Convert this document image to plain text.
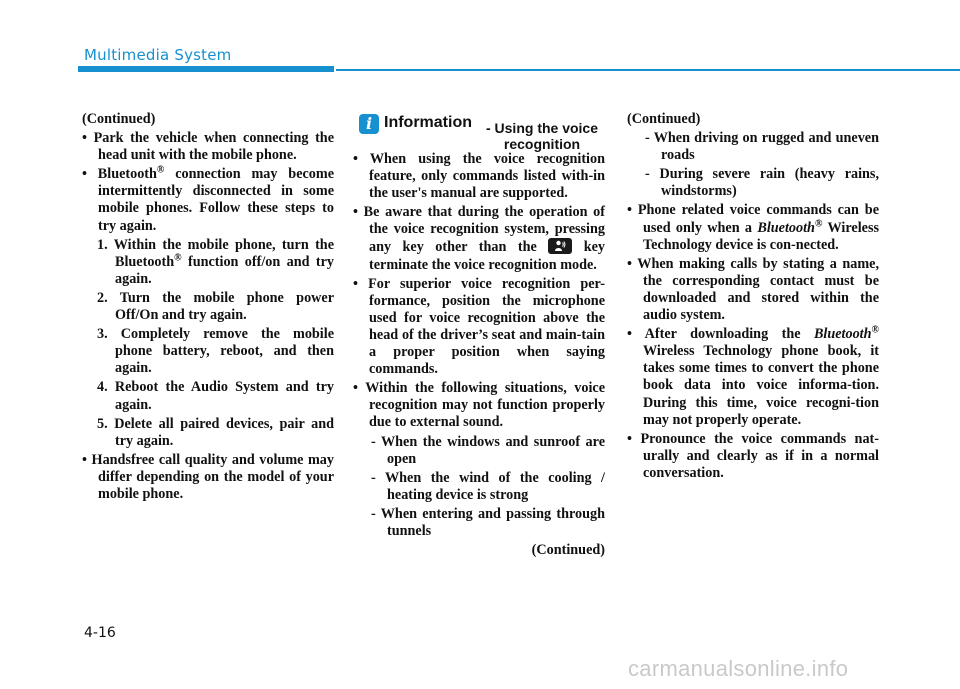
Multimedia System

(Continued)

• Park the vehicle when connecting the head unit with the mobile phone.

• Bluetooth® connection may become intermittently disconnected in some mobile phones. Follow these steps to try again.

1. Within the mobile phone, turn the Bluetooth® function off/on and try again.

2. Turn the mobile phone power Off/On and try again.

3. Completely remove the mobile phone battery, reboot, and then again.

4. Reboot the Audio System and try again.

5. Delete all paired devices, pair and try again.

• Handsfree call quality and volume may differ depending on the model of your mobile phone.

i Information - Using the voice recognition

• When using the voice recognition feature, only commands listed with-in the user's manual are supported.

• Be aware that during the operation of the voice recognition system, pressing any key other than the
key terminate the voice recognition mode.

• For superior voice recognition per-formance, position the microphone used for voice recognition above the head of the driver’s seat and main-tain a proper position when saying commands.

• Within the following situations, voice recognition may not function properly due to external sound.

- When the windows and sunroof are open

- When the wind of the cooling / heating device is strong

- When entering and passing through tunnels

(Continued)

(Continued)

- When driving on rugged and uneven roads

- During severe rain (heavy rains, windstorms)

• Phone related voice commands can be used only when a Bluetooth® Wireless Technology device is con-nected.

• When making calls by stating a name, the corresponding contact must be downloaded and stored within the audio system.

• After downloading the Bluetooth® Wireless Technology phone book, it takes some times to convert the phone book data into voice informa-tion. During this time, voice recogni-tion may not properly operate.

• Pronounce the voice commands nat-urally and clearly as if in a normal conversation.

4-16
carmanualsonline.info
